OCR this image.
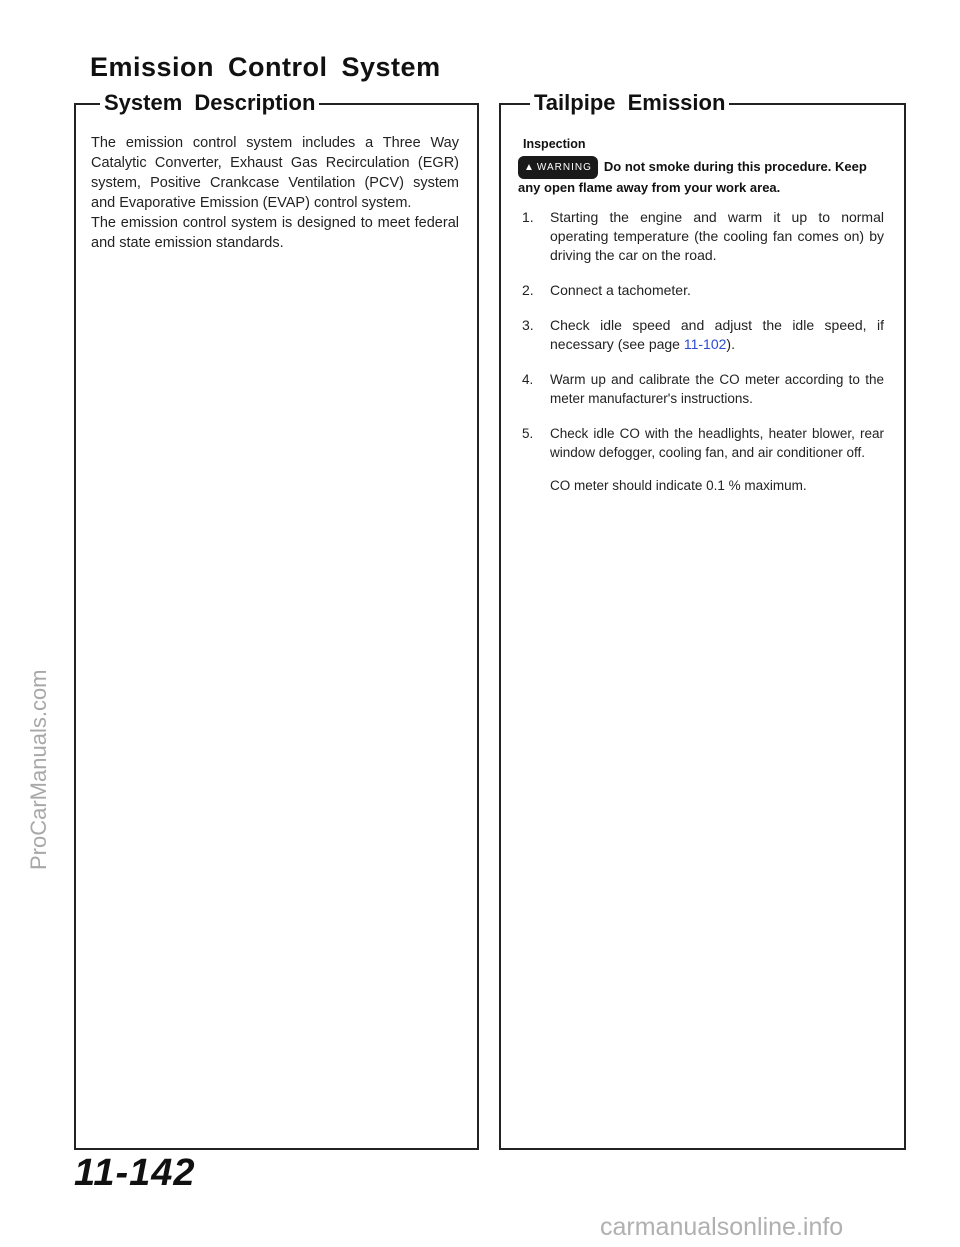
Emission Control System
System Description

The emission control system includes a Three Way Catalytic Converter, Exhaust Gas Recirculation (EGR) system, Positive Crankcase Ventilation (PCV) system and Evaporative Emission (EVAP) control system.

The emission control system is designed to meet federal and state emission standards.

Tailpipe Emission
Inspection
▲ WARNING Do not smoke during this procedure. Keep any open flame away from your work area.
1. Starting the engine and warm it up to normal operating temperature (the cooling fan comes on) by driving the car on the road.
2. Connect a tachometer.
3. Check idle speed and adjust the idle speed, if necessary (see page 11-102).
4. Warm up and calibrate the CO meter according to the meter manufacturer's instructions.
5. Check idle CO with the headlights, heater blower, rear window defogger, cooling fan, and air conditioner off.
CO meter should indicate 0.1 % maximum.
11-142
ProCarManuals.com
carmanualsonline.info
